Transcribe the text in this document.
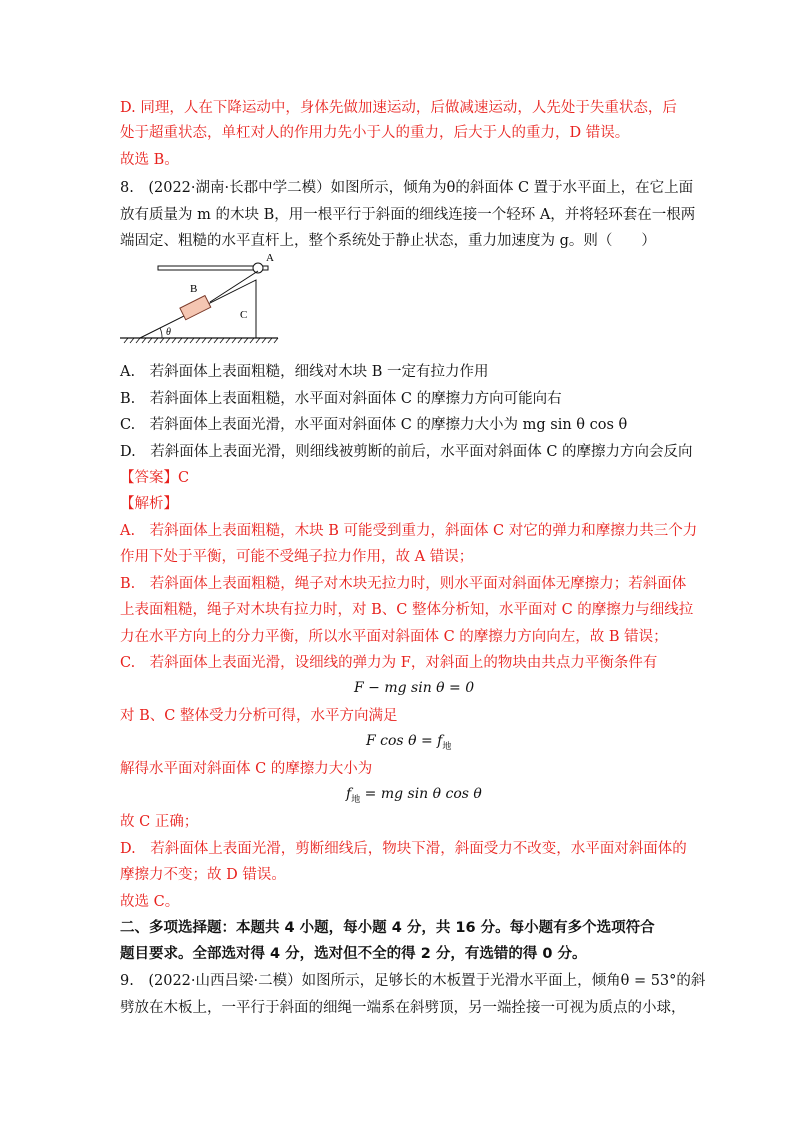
D. 同理，人在下降运动中，身体先做加速运动，后做减速运动，人先处于失重状态，后
处于超重状态，单杠对人的作用力先小于人的重力，后大于人的重力，D 错误。
故选 B。
8.　(2022·湖南·长郡中学二模）如图所示，倾角为θ的斜面体 C 置于水平面上，在它上面
放有质量为 m 的木块 B，用一根平行于斜面的细线连接一个轻环 A，并将轻环套在一根两
端固定、粗糙的水平直杆上，整个系统处于静止状态，重力加速度为 g。则（　　）
A
B
C
θ
A.　若斜面体上表面粗糙，细线对木块 B 一定有拉力作用
B.　若斜面体上表面粗糙，水平面对斜面体 C 的摩擦力方向可能向右
C.　若斜面体上表面光滑，水平面对斜面体 C 的摩擦力大小为 mg sin θ cos θ
D.　若斜面体上表面光滑，则细线被剪断的前后，水平面对斜面体 C 的摩擦力方向会反向
【答案】C
【解析】
A.　若斜面体上表面粗糙，木块 B 可能受到重力，斜面体 C 对它的弹力和摩擦力共三个力
作用下处于平衡，可能不受绳子拉力作用，故 A 错误；
B.　若斜面体上表面粗糙，绳子对木块无拉力时，则水平面对斜面体无摩擦力；若斜面体
上表面粗糙，绳子对木块有拉力时，对 B、C 整体分析知，水平面对 C 的摩擦力与细线拉
力在水平方向上的分力平衡，所以水平面对斜面体 C 的摩擦力方向向左，故 B 错误；
C.　若斜面体上表面光滑，设细线的弹力为 F，对斜面上的物块由共点力平衡条件有
F − mg sin θ = 0
对 B、C 整体受力分析可得，水平方向满足
F $\cos \theta = f_地$
解得水平面对斜面体 C 的摩擦力大小为
$f_地$ = mg sin θ cos θ
故 C 正确；
D.　若斜面体上表面光滑，剪断细线后，物块下滑，斜面受力不改变，水平面对斜面体的
摩擦力不变；故 D 错误。
故选 C。
二、多项选择题：本题共 4 小题，每小题 4 分，共 16 分。每小题有多个选项符合
题目要求。全部选对得 4 分，选对但不全的得 2 分，有选错的得 0 分。
9.　(2022·山西吕梁·二模）如图所示，足够长的木板置于光滑水平面上，倾角θ = 53°的斜
劈放在木板上，一平行于斜面的细绳一端系在斜劈顶，另一端拴接一可视为质点的小球，
